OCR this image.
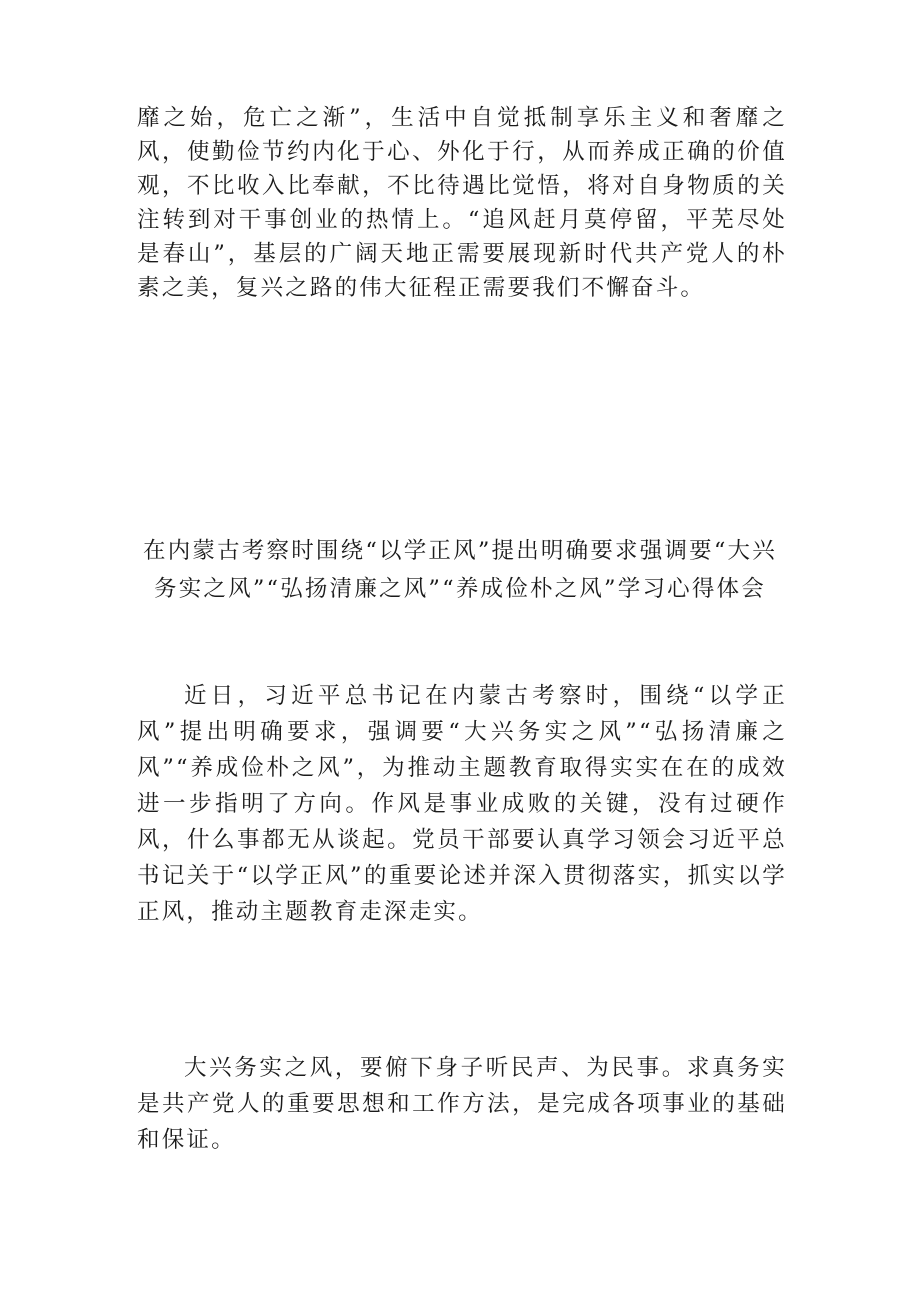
靡之始，危亡之渐”，生活中自觉抵制享乐主义和奢靡之风，使勤俭节约内化于心、外化于行，从而养成正确的价值观，不比收入比奉献，不比待遇比觉悟，将对自身物质的关注转到对干事创业的热情上。“追风赶月莫停留，平芜尽处是春山”，基层的广阔天地正需要展现新时代共产党人的朴素之美，复兴之路的伟大征程正需要我们不懈奋斗。

在内蒙古考察时围绕“以学正风”提出明确要求强调要“大兴务实之风”“弘扬清廉之风”“养成俭朴之风”学习心得体会

近日，习近平总书记在内蒙古考察时，围绕“以学正风”提出明确要求，强调要“大兴务实之风”“弘扬清廉之风”“养成俭朴之风”，为推动主题教育取得实实在在的成效进一步指明了方向。作风是事业成败的关键，没有过硬作风，什么事都无从谈起。党员干部要认真学习领会习近平总书记关于“以学正风”的重要论述并深入贯彻落实，抓实以学正风，推动主题教育走深走实。

大兴务实之风，要俯下身子听民声、为民事。求真务实是共产党人的重要思想和工作方法，是完成各项事业的基础和保证。
